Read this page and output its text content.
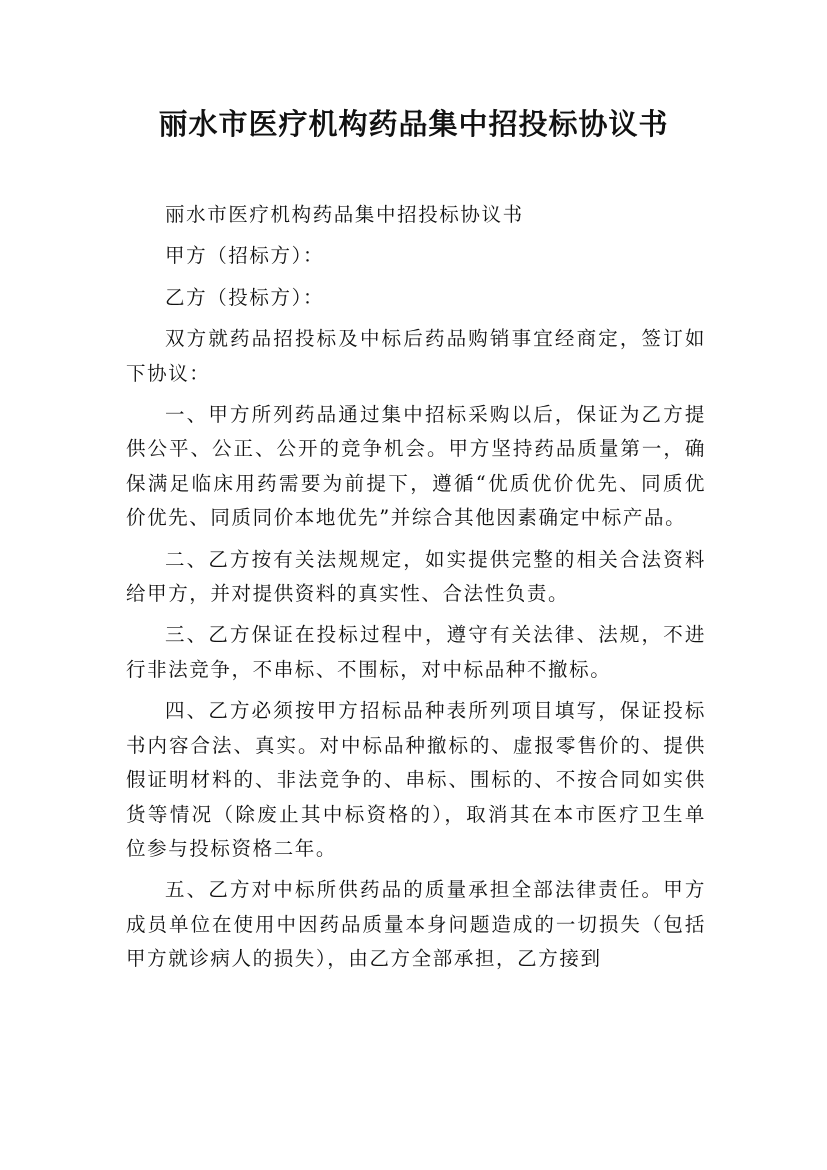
丽水市医疗机构药品集中招投标协议书

丽水市医疗机构药品集中招投标协议书

甲方（招标方）：

乙方（投标方）：

双方就药品招投标及中标后药品购销事宜经商定，签订如下协议：

一、甲方所列药品通过集中招标采购以后，保证为乙方提供公平、公正、公开的竞争机会。甲方坚持药品质量第一，确保满足临床用药需要为前提下，遵循“优质优价优先、同质优价优先、同质同价本地优先”并综合其他因素确定中标产品。

二、乙方按有关法规规定，如实提供完整的相关合法资料给甲方，并对提供资料的真实性、合法性负责。

三、乙方保证在投标过程中，遵守有关法律、法规，不进行非法竞争，不串标、不围标，对中标品种不撤标。

四、乙方必须按甲方招标品种表所列项目填写，保证投标书内容合法、真实。对中标品种撤标的、虚报零售价的、提供假证明材料的、非法竞争的、串标、围标的、不按合同如实供货等情况（除废止其中标资格的），取消其在本市医疗卫生单位参与投标资格二年。

五、乙方对中标所供药品的质量承担全部法律责任。甲方成员单位在使用中因药品质量本身问题造成的一切损失（包括甲方就诊病人的损失），由乙方全部承担，乙方接到
